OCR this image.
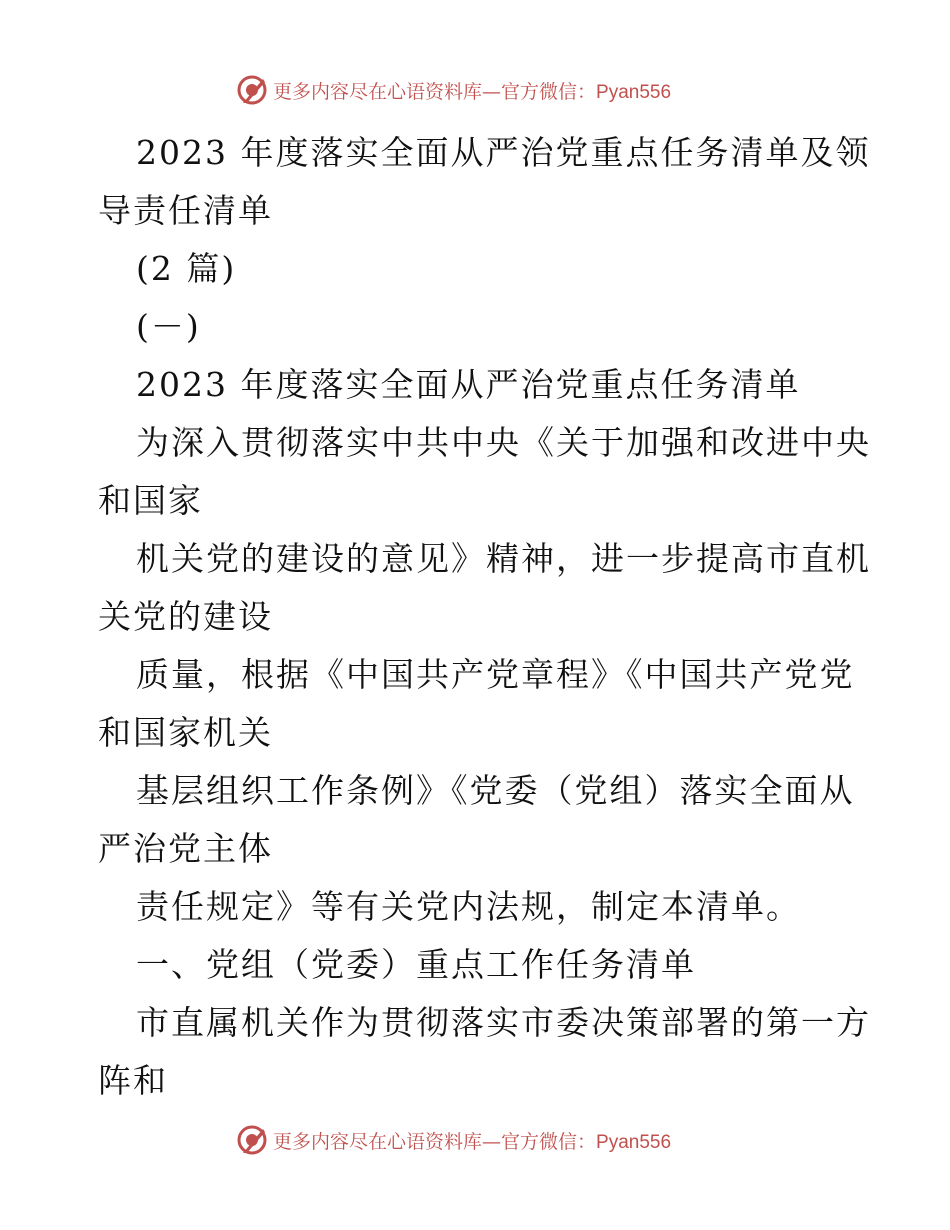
更多内容尽在心语资料库—官方微信：Pyan556
2023 年度落实全面从严治党重点任务清单及领
导责任清单
(2 篇)
(－)
2023 年度落实全面从严治党重点任务清单
为深入贯彻落实中共中央《关于加强和改进中央
和国家
机关党的建设的意见》精神，进一步提高市直机
关党的建设
质量，根据《中国共产党章程》《中国共产党党
和国家机关
基层组织工作条例》《党委（党组）落实全面从
严治党主体
责任规定》等有关党内法规，制定本清单。
一、党组（党委）重点工作任务清单
市直属机关作为贯彻落实市委决策部署的第一方
阵和
更多内容尽在心语资料库—官方微信：Pyan556
